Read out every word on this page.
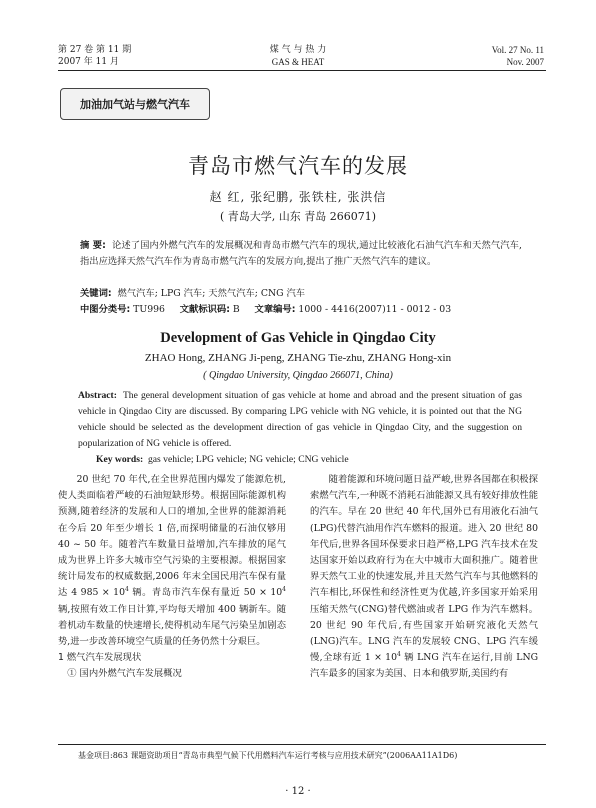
第 27 卷 第 11 期
2007 年 11 月
煤 气 与 热 力
GAS & HEAT
Vol. 27 No. 11
Nov. 2007
加油加气站与燃气汽车
青岛市燃气汽车的发展
赵 红, 张纪鹏, 张铁柱, 张洪信
( 青岛大学, 山东 青岛 266071)
摘 要: 论述了国内外燃气汽车的发展概况和青岛市燃气汽车的现状,通过比较液化石油气汽车和天然气汽车,指出应选择天然气汽车作为青岛市燃气汽车的发展方向,提出了推广天然气汽车的建议。
关键词: 燃气汽车; LPG 汽车; 天然气汽车; CNG 汽车
中图分类号: TU996 文献标识码: B 文章编号: 1000 - 4416(2007)11 - 0012 - 03
Development of Gas Vehicle in Qingdao City
ZHAO Hong, ZHANG Ji-peng, ZHANG Tie-zhu, ZHANG Hong-xin
( Qingdao University, Qingdao 266071, China)
Abstract: The general development situation of gas vehicle at home and abroad and the present situation of gas vehicle in Qingdao City are discussed. By comparing LPG vehicle with NG vehicle, it is pointed out that the NG vehicle should be selected as the development direction of gas vehicle in Qingdao City, and the suggestion on popularization of NG vehicle is offered.
Key words: gas vehicle; LPG vehicle; NG vehicle; CNG vehicle

20 世纪 70 年代,在全世界范围内爆发了能源危机,使人类面临着严峻的石油短缺形势。根据国际能源机构预测,随着经济的发展和人口的增加,全世界的能源消耗在今后 20 年至少增长 1 倍,而探明储量的石油仅够用 40 ~ 50 年。随着汽车数量日益增加,汽车排放的尾气成为世界上许多大城市空气污染的主要根源。根据国家统计局发布的权威数据,2006 年末全国民用汽车保有量达 4 $985 \times 10^4$ 辆。青岛市汽车保有量近 $50 \times 10^4$ 辆,按照有效工作日计算,平均每天增加 400 辆新车。随着机动车数量的快速增长,使得机动车尾气污染呈加剧态势,进一步改善环境空气质量的任务仍然十分艰巨。

1 燃气汽车发展现状

① 国内外燃气汽车发展概况

随着能源和环境问题日益严峻,世界各国都在积极探索燃气汽车,一种既不消耗石油能源又具有较好排放性能的汽车。早在 20 世纪 40 年代,国外已有用液化石油气(LPG)代替汽油用作汽车燃料的报道。进入 20 世纪 80 年代后,世界各国环保要求日趋严格,LPG 汽车技术在发达国家开始以政府行为在大中城市大面积推广。随着世界天然气工业的快速发展,并且天然气汽车与其他燃料的汽车相比,环保性和经济性更为优越,许多国家开始采用压缩天然气(CNG)替代燃油或者 LPG 作为汽车燃料。20 世纪 90 年代后,有些国家开始研究液化天然气(LNG)汽车。LNG 汽车的发展较 CNG、LPG 汽车缓慢,全球有近 $1 \times 10^4$ 辆 LNG 汽车在运行,目前 LNG 汽车最多的国家为美国、日本和俄罗斯,美国约有

基金项目:863 课题资助项目“青岛市典型气候下代用燃料汽车运行考核与应用技术研究”(2006AA11A1D6)
· 12 ·
